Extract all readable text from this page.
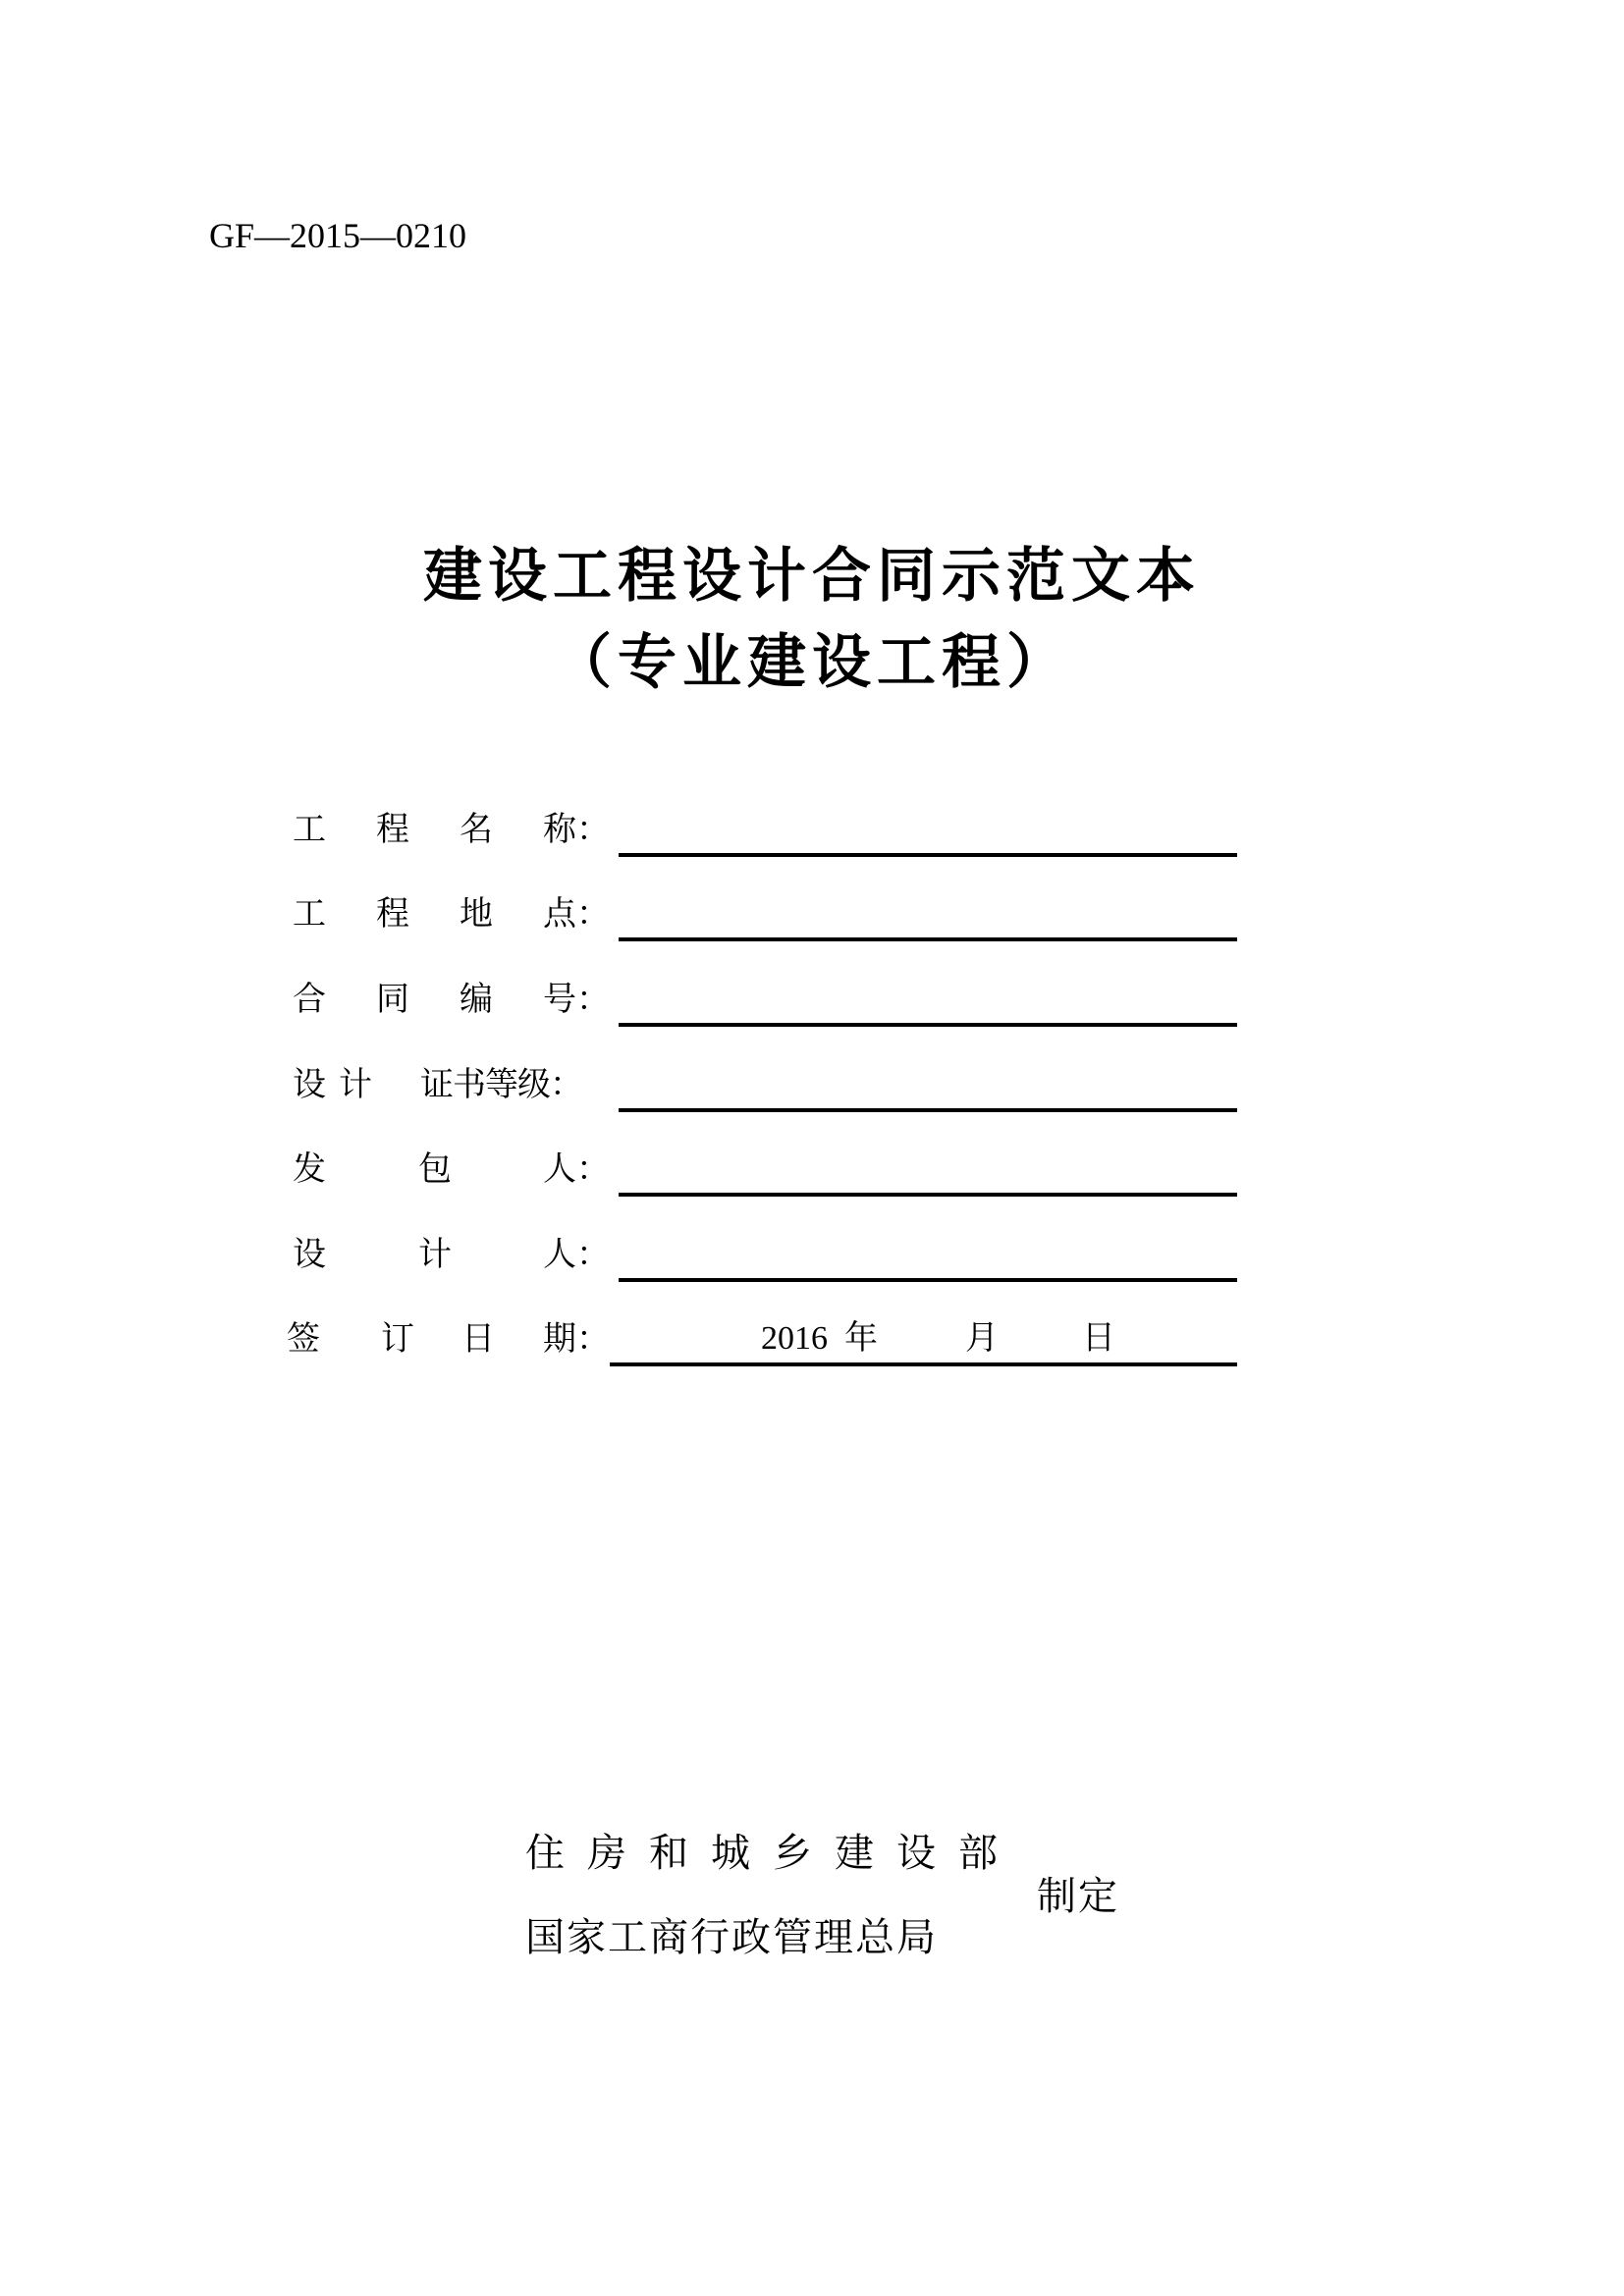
GF—2015—0210
建设工程设计合同示范文本
（专业建设工程）
工 程 名 称：
工 程 地 点：
合 同 编 号：
设 计 证书等级：
发	包	人：
设	计	人：
签 订 日 期：	2016 年	月	日
住房和城乡建设部
国家工商行政管理总局
制定
